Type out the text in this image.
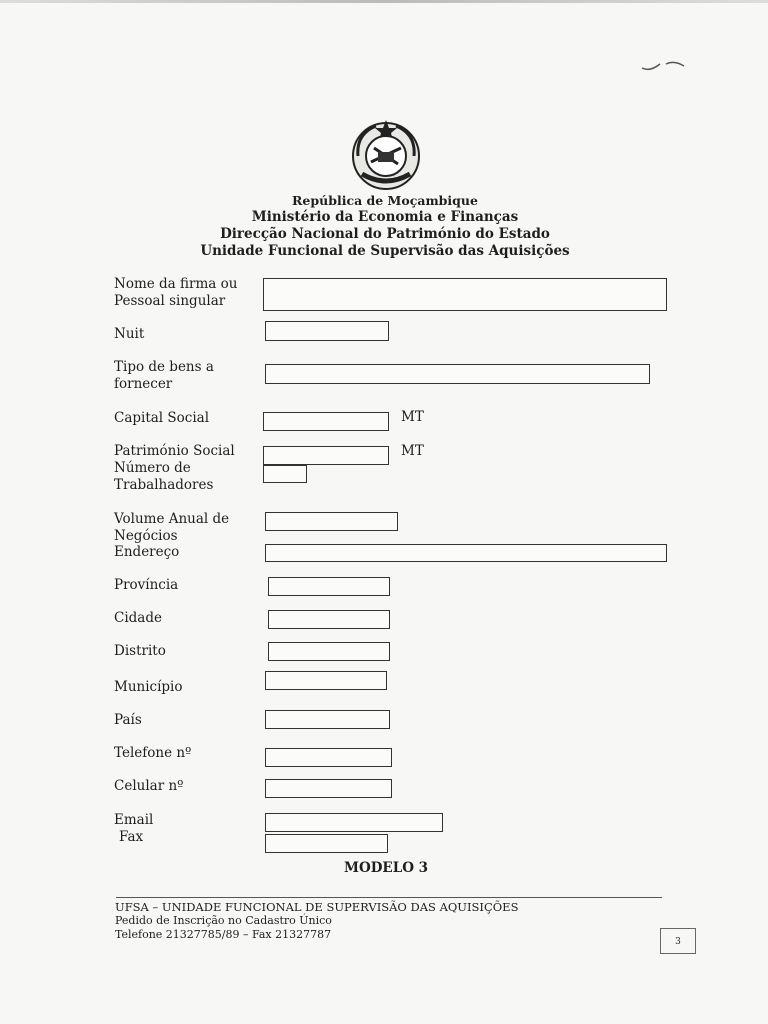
República de Moçambique
Ministério da Economia e Finanças
Direcção Nacional do Património do Estado
Unidade Funcional de Supervisão das Aquisições
Nome da firma ou
Pessoal singular
Nuit
Tipo de bens a
fornecer
Capital Social	MT
Património Social	MT
Número de
Trabalhadores
Volume Anual de
Negócios
Endereço
Província
Cidade
Distrito
Município
País
Telefone nº
Celular nº
Email
Fax
MODELO 3
UFSA – UNIDADE FUNCIONAL DE SUPERVISÃO DAS AQUISIÇÕES
Pedido de Inscrição no Cadastro Único
Telefone 21327785/89 – Fax 21327787
3
